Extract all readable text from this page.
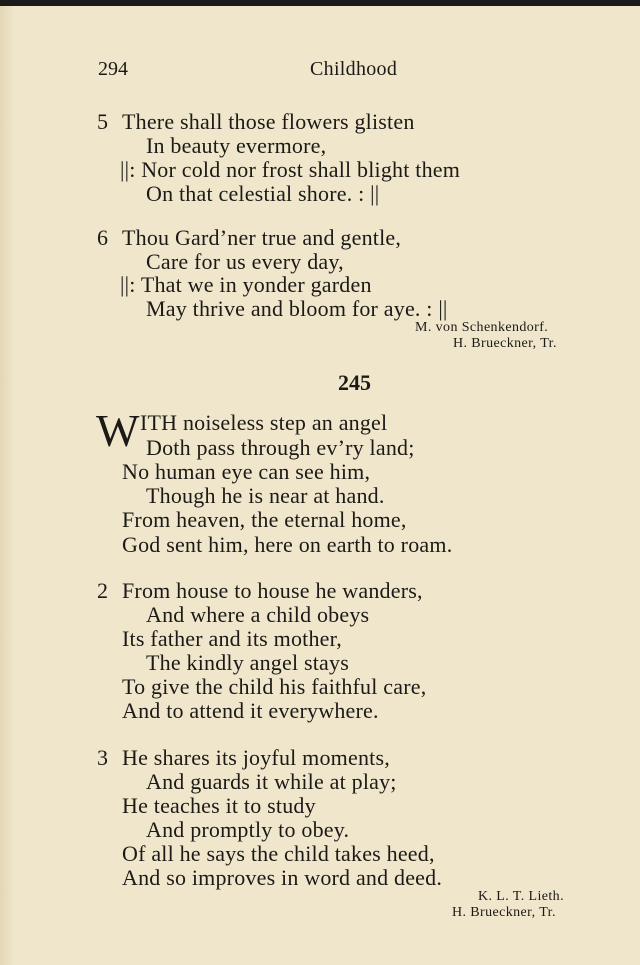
294	Childhood
5 There shall those flowers glisten
In beauty evermore,
||: Nor cold nor frost shall blight them
On that celestial shore. : ||
6 Thou Gard’ner true and gentle,
Care for us every day,
||: That we in yonder garden
May thrive and bloom for aye. : ||
M. von Schenkendorf.
H. Brueckner, Tr.
245
W ITH noiseless step an angel
Doth pass through ev’ry land;
No human eye can see him,
Though he is near at hand.
From heaven, the eternal home,
God sent him, here on earth to roam.
2 From house to house he wanders,
And where a child obeys
Its father and its mother,
The kindly angel stays
To give the child his faithful care,
And to attend it everywhere.
3 He shares its joyful moments,
And guards it while at play;
He teaches it to study
And promptly to obey.
Of all he says the child takes heed,
And so improves in word and deed.
K. L. T. Lieth.
H. Brueckner, Tr.
